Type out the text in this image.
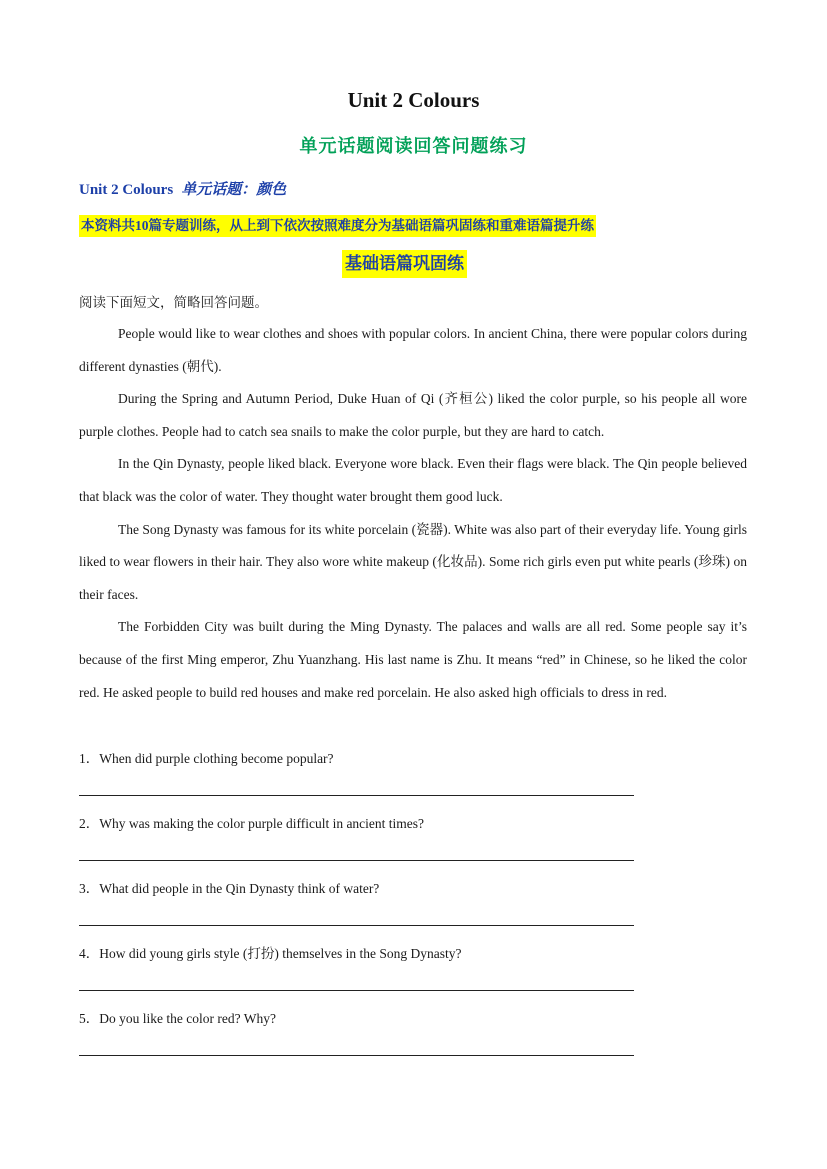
Unit 2 Colours
单元话题阅读回答问题练习
Unit 2 Colours 单元话题：颜色
本资料共10篇专题训练，从上到下依次按照难度分为基础语篇巩固练和重难语篇提升练
基础语篇巩固练
阅读下面短文，简略回答问题。

People would like to wear clothes and shoes with popular colors. In ancient China, there were popular colors during different dynasties (朝代).

During the Spring and Autumn Period, Duke Huan of Qi (齐桓公) liked the color purple, so his people all wore purple clothes. People had to catch sea snails to make the color purple, but they are hard to catch.

In the Qin Dynasty, people liked black. Everyone wore black. Even their flags were black. The Qin people believed that black was the color of water. They thought water brought them good luck.

The Song Dynasty was famous for its white porcelain (瓷器). White was also part of their everyday life. Young girls liked to wear flowers in their hair. They also wore white makeup (化妆品). Some rich girls even put white pearls (珍珠) on their faces.

The Forbidden City was built during the Ming Dynasty. The palaces and walls are all red. Some people say it’s because of the first Ming emperor, Zhu Yuanzhang. His last name is Zhu. It means “red” in Chinese, so he liked the color red. He asked people to build red houses and make red porcelain. He also asked high officials to dress in red.

1．When did purple clothing become popular?
2．Why was making the color purple difficult in ancient times?
3．What did people in the Qin Dynasty think of water?
4．How did young girls style (打扮) themselves in the Song Dynasty?
5．Do you like the color red? Why?
